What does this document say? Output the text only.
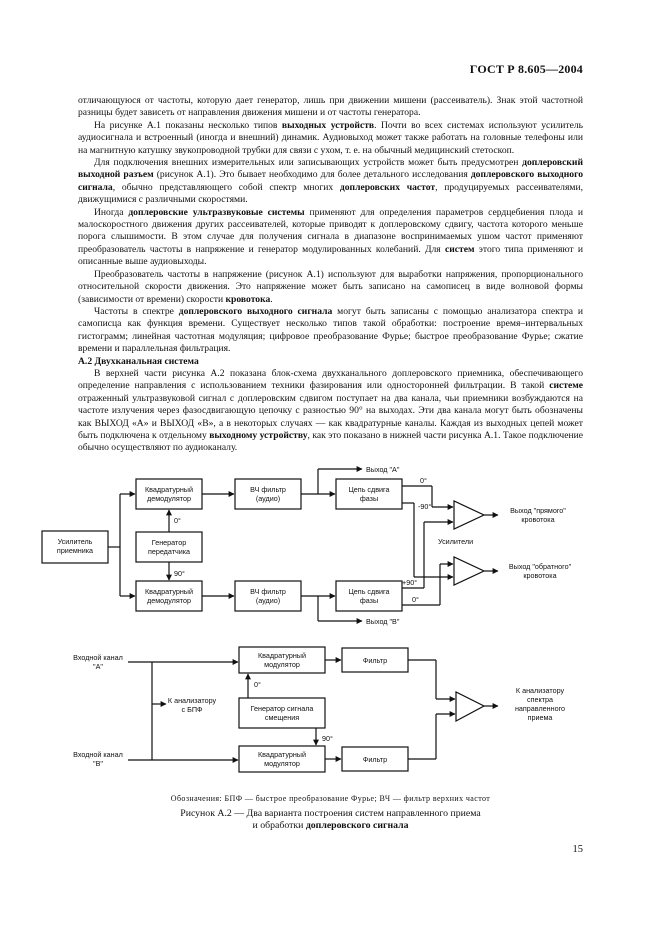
ГОСТ Р 8.605—2004

отличающуюся от частоты, которую дает генератор, лишь при движении мишени (рассеиватель). Знак этой частотной разницы будет зависеть от направления движения мишени и от частоты генератора.

На рисунке А.1 показаны несколько типов выходных устройств. Почти во всех системах используют усилитель аудиосигнала и встроенный (иногда и внешний) динамик. Аудиовыход может также работать на головные телефоны или на магнитную катушку звукопроводной трубки для связи с ухом, т. е. на обычный медицинский стетоскоп.

Для подключения внешних измерительных или записывающих устройств может быть предусмотрен доплеровский выходной разъем (рисунок А.1). Это бывает необходимо для более детального исследования доплеровского выходного сигнала, обычно представляющего собой спектр многих доплеровских частот, продуцируемых рассеивателями, движущимися с различными скоростями.

Иногда доплеровские ультразвуковые системы применяют для определения параметров сердцебиения плода и малоскоростного движения других рассеивателей, которые приводят к доплеровскому сдвигу, частота которого меньше порога слышимости. В этом случае для получения сигнала в диапазоне воспринимаемых ушом частот применяют преобразователь частоты в напряжение и генератор модулированных колебаний. Для систем этого типа применяют и описанные выше аудиовыходы.

Преобразователь частоты в напряжение (рисунок А.1) используют для выработки напряжения, пропорционального относительной скорости движения. Это напряжение может быть записано на самописец в виде волновой формы (зависимости от времени) скорости кровотока.

Частоты в спектре доплеровского выходного сигнала могут быть записаны с помощью анализатора спектра и самописца как функция времени. Существует несколько типов такой обработки: построение время–интервальных гистограмм; линейная частотная модуляция; цифровое преобразование Фурье; быстрое преобразование Фурье; сжатие времени и параллельная фильтрация.

А.2 Двухканальная система

В верхней части рисунка А.2 показана блок-схема двухканального доплеровского приемника, обеспечивающего определение направления с использованием техники фазирования или односторонней фильтрации. В такой системе отраженный ультразвуковой сигнал с доплеровским сдвигом поступает на два канала, чьи приемники возбуждаются на частоте излучения через фазосдвигающую цепочку с разностью 90° на выходах. Эти два канала могут быть обозначены как ВЫХОД «А» и ВЫХОД «В», а в некоторых случаях — как квадратурные каналы. Каждая из выходных цепей может быть подключена к отдельному выходному устройству, как это показано в нижней части рисунка А.1. Такое подключение обычно осуществляют по аудиоканалу.

Усилитель приемника
Квадратурный демодулятор
Квадратурный демодулятор
Генератор передатчика
ВЧ фильтр (аудио)
ВЧ фильтр (аудио)
Цепь сдвига фазы
Цепь сдвига фазы
Выход "А"
Выход "В"
0°
90°
0°
-90°
+90°
0°
Усилители
Выход "прямого" кровотока
Выход "обратного" кровотока
Входной канал "А"
Входной канал "В"
К анализатору с БПФ
Квадратурный модулятор
Квадратурный модулятор
Генератор сигнала смещения
Фильтр
Фильтр
К анализатору спектра направленного приема
0°
90°
Обозначения: БПФ — быстрое преобразование Фурье; ВЧ — фильтр верхних частот
Рисунок А.2 — Два варианта построения систем направленного приема
и обработки доплеровского сигнала
15
